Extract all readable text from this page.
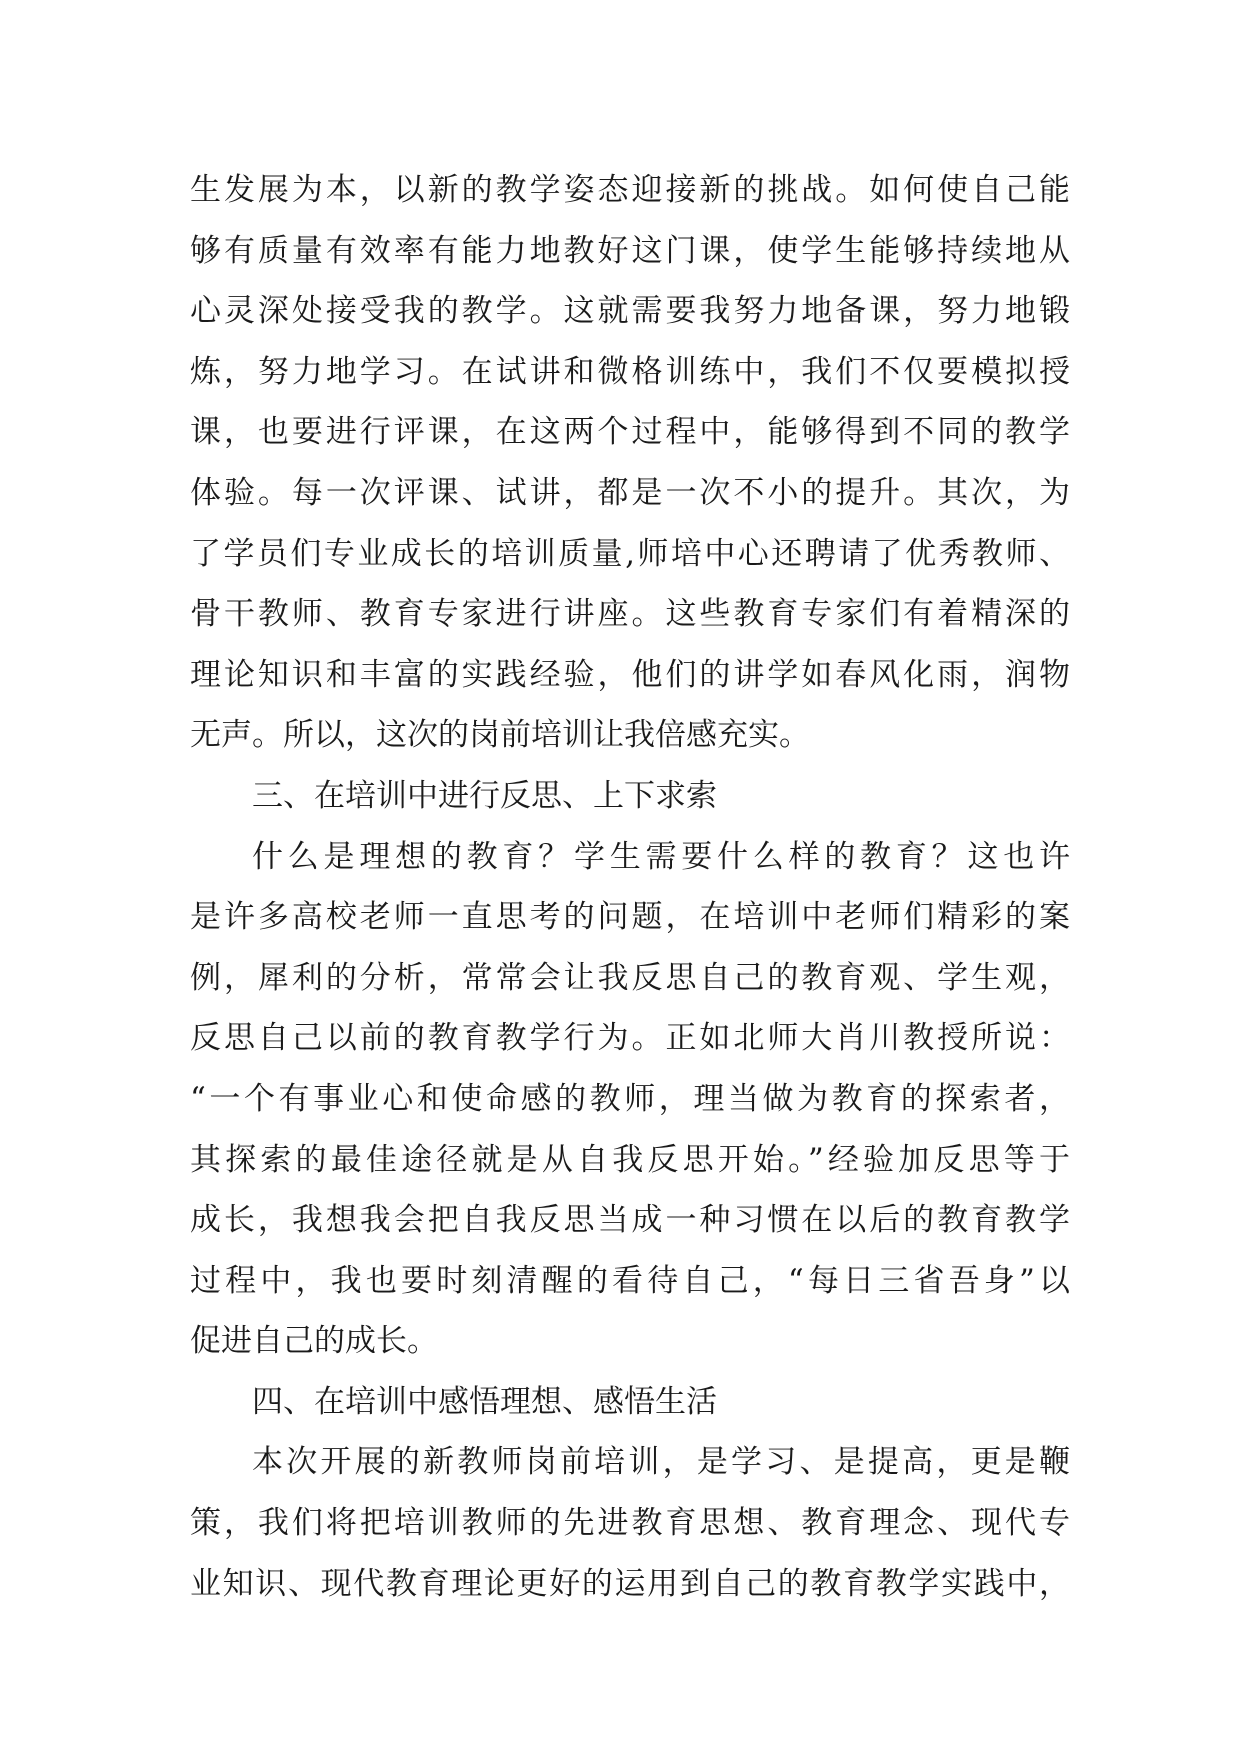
生发展为本，以新的教学姿态迎接新的挑战。如何使自己能
够有质量有效率有能力地教好这门课，使学生能够持续地从
心灵深处接受我的教学。这就需要我努力地备课，努力地锻
炼，努力地学习。在试讲和微格训练中，我们不仅要模拟授
课，也要进行评课，在这两个过程中，能够得到不同的教学
体验。每一次评课、试讲，都是一次不小的提升。其次，为
了学员们专业成长的培训质量,师培中心还聘请了优秀教师、
骨干教师、教育专家进行讲座。这些教育专家们有着精深的
理论知识和丰富的实践经验，他们的讲学如春风化雨，润物
无声。所以，这次的岗前培训让我倍感充实。
三、在培训中进行反思、上下求索
什么是理想的教育？学生需要什么样的教育？这也许
是许多高校老师一直思考的问题，在培训中老师们精彩的案
例，犀利的分析，常常会让我反思自己的教育观、学生观，
反思自己以前的教育教学行为。正如北师大肖川教授所说：
“一个有事业心和使命感的教师，理当做为教育的探索者，
其探索的最佳途径就是从自我反思开始。”经验加反思等于
成长，我想我会把自我反思当成一种习惯在以后的教育教学
过程中，我也要时刻清醒的看待自己，“每日三省吾身”以
促进自己的成长。
四、在培训中感悟理想、感悟生活
本次开展的新教师岗前培训，是学习、是提高，更是鞭
策，我们将把培训教师的先进教育思想、教育理念、现代专
业知识、现代教育理论更好的运用到自己的教育教学实践中，
